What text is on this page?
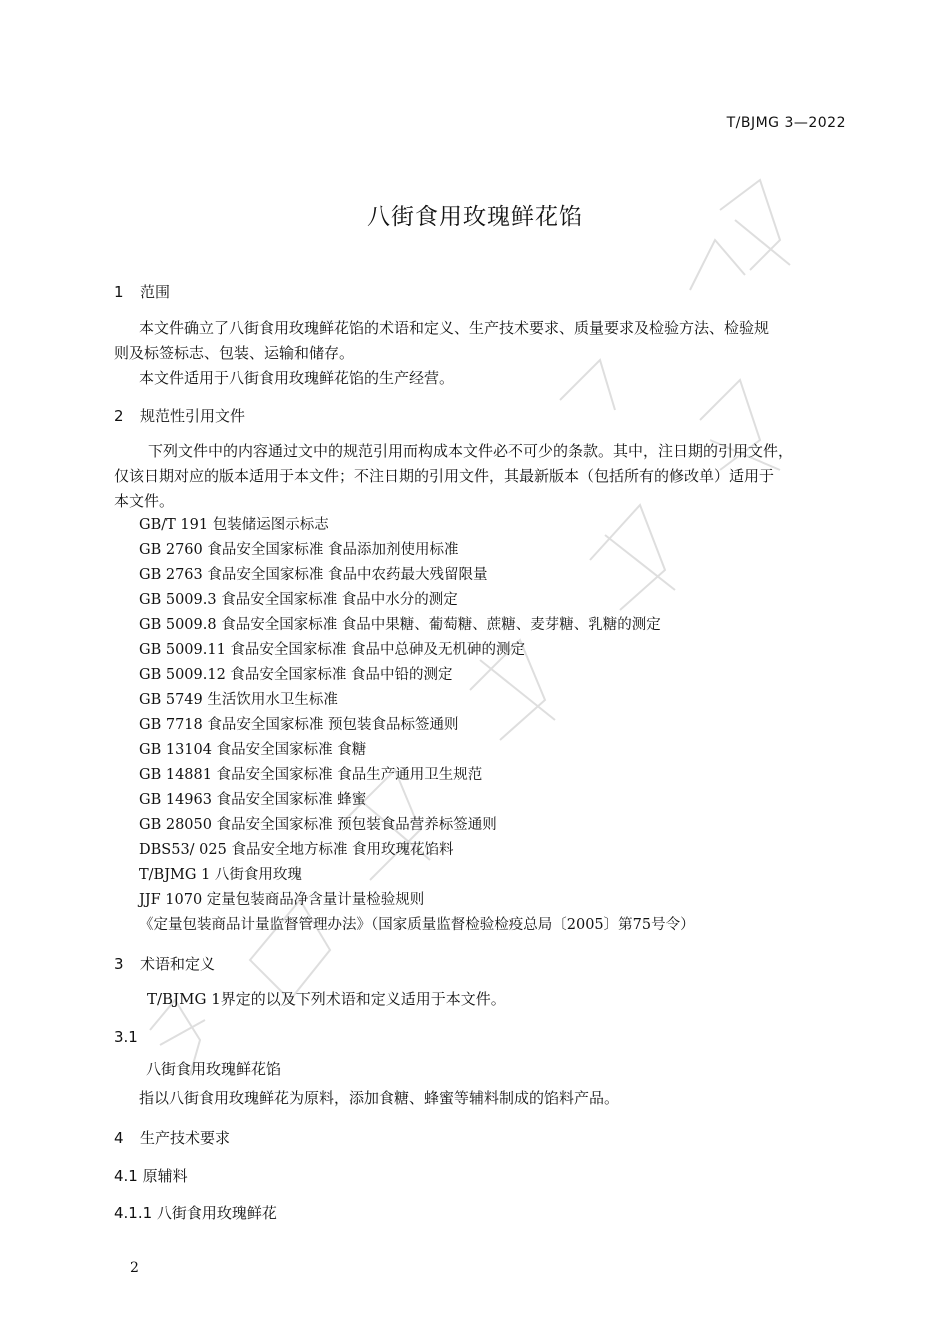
T/BJMG 3—2022
八街食用玫瑰鲜花馅
1 范围
本文件确立了八街食用玫瑰鲜花馅的术语和定义、生产技术要求、质量要求及检验方法、检验规
则及标签标志、包装、运输和储存。
本文件适用于八街食用玫瑰鲜花馅的生产经营。
2 规范性引用文件
下列文件中的内容通过文中的规范引用而构成本文件必不可少的条款。其中，注日期的引用文件，
仅该日期对应的版本适用于本文件；不注日期的引用文件，其最新版本（包括所有的修改单）适用于
本文件。
GB/T 191 包装储运图示标志
GB 2760 食品安全国家标准 食品添加剂使用标准
GB 2763 食品安全国家标准 食品中农药最大残留限量
GB 5009.3 食品安全国家标准 食品中水分的测定
GB 5009.8 食品安全国家标准 食品中果糖、葡萄糖、蔗糖、麦芽糖、乳糖的测定
GB 5009.11 食品安全国家标准 食品中总砷及无机砷的测定
GB 5009.12 食品安全国家标准 食品中铅的测定
GB 5749 生活饮用水卫生标准
GB 7718 食品安全国家标准 预包装食品标签通则
GB 13104 食品安全国家标准 食糖
GB 14881 食品安全国家标准 食品生产通用卫生规范
GB 14963 食品安全国家标准 蜂蜜
GB 28050 食品安全国家标准 预包装食品营养标签通则
DBS53/ 025 食品安全地方标准 食用玫瑰花馅料
T/BJMG 1 八街食用玫瑰
JJF 1070 定量包装商品净含量计量检验规则
《定量包装商品计量监督管理办法》（国家质量监督检验检疫总局〔2005〕第75号令）
3 术语和定义
T/BJMG 1界定的以及下列术语和定义适用于本文件。
3.1
八街食用玫瑰鲜花馅
指以八街食用玫瑰鲜花为原料，添加食糖、蜂蜜等辅料制成的馅料产品。
4 生产技术要求
4.1 原辅料
4.1.1 八街食用玫瑰鲜花
2
